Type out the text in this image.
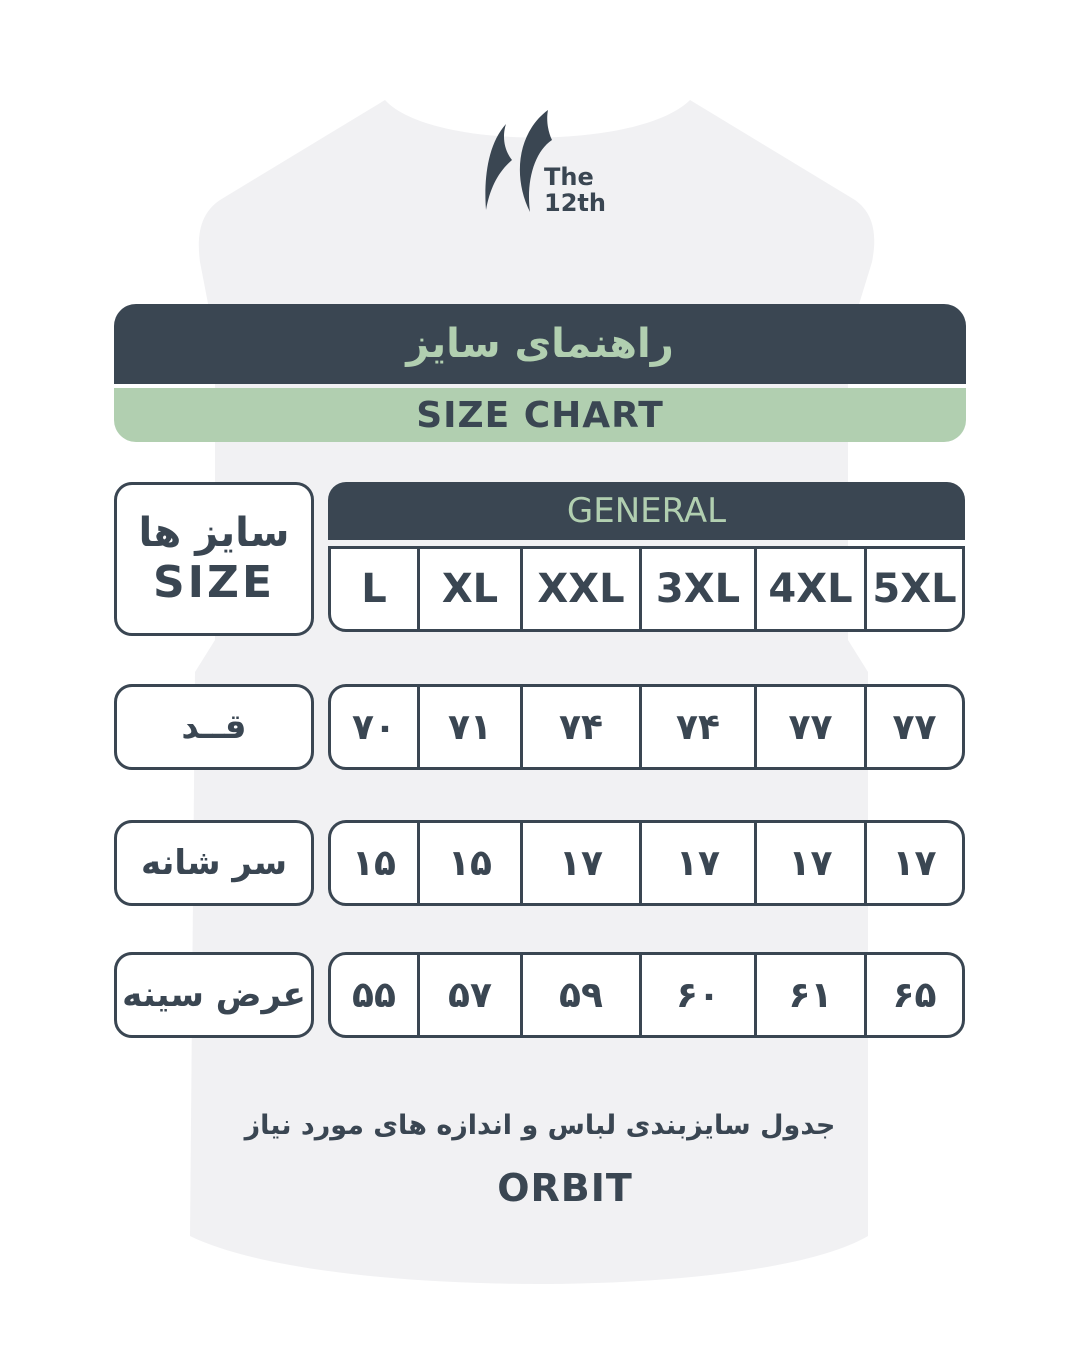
The
12th
راهنمای سایز
SIZE CHART
سایز ها
SIZE
GENERAL
L	XL XXL 3XL 4XL 5XL
قــد	۷۰	۷۱	۷۴	۷۴	۷۷	۷۷
سر شانه	۱۵	۱۵	۱۷	۱۷	۱۷	۱۷
عرض سینه	۵۵	۵۷	۵۹	۶۰	۶۱	۶۵
جدول سایزبندی لباس و اندازه های مورد نیاز
ORBIT
